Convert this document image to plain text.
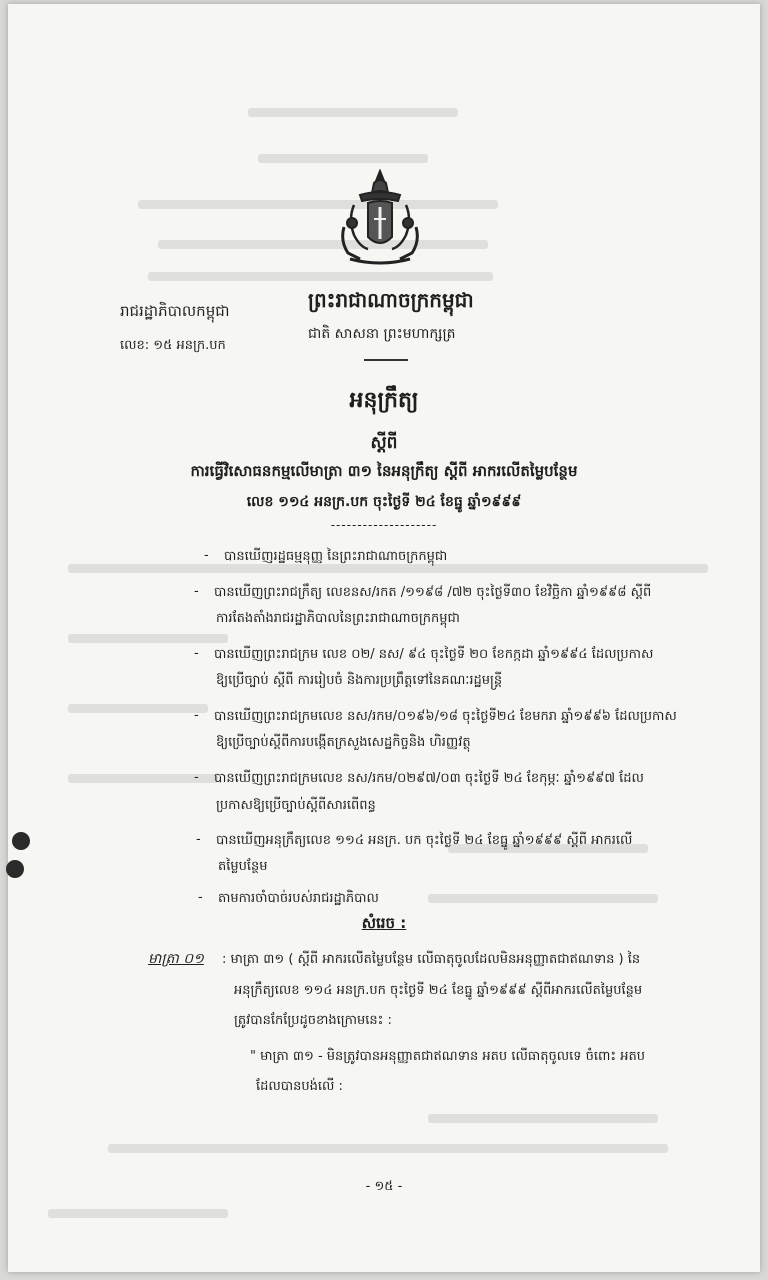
ព្រះរាជាណាចក្រកម្ពុជា
ជាតិ សាសនា ព្រះមហាក្សត្រ
រាជរដ្ឋាភិបាលកម្ពុជា
លេខ: ១៥ អនក្រ.បក
អនុក្រឹត្យ
ស្ដីពី
ការធ្វើវិសោធនកម្មលើមាត្រា ៣១ នៃអនុក្រឹត្យ ស្ដីពី អាករលើតម្លៃបន្ថែម
លេខ ១១៤ អនក្រ.បក ចុះថ្ងៃទី ២៤ ខែធ្នូ ឆ្នាំ១៩៩៩
--------------------
- បានឃើញរដ្ឋធម្មនុញ្ញ នៃព្រះរាជាណាចក្រកម្ពុជា
- បានឃើញព្រះរាជក្រឹត្យ លេខនស/រកត /១១៩៨ /៧២ ចុះថ្ងៃទី៣០ ខែវិច្ឆិកា ឆ្នាំ១៩៩៨ ស្ដីពី
ការតែងតាំងរាជរដ្ឋាភិបាលនៃព្រះរាជាណាចក្រកម្ពុជា
- បានឃើញព្រះរាជក្រម លេខ ០២/ នស/ ៩៤ ចុះថ្ងៃទី ២០ ខែកក្កដា ឆ្នាំ១៩៩៤ ដែលប្រកាស
ឱ្យប្រើច្បាប់ ស្ដីពី ការរៀបចំ និងការប្រព្រឹត្តទៅនៃគណៈរដ្ឋមន្ត្រី
- បានឃើញព្រះរាជក្រមលេខ នស/រកម/០១៩៦/១៨ ចុះថ្ងៃទី២៤ ខែមករា ឆ្នាំ១៩៩៦ ដែលប្រកាស
ឱ្យប្រើច្បាប់ស្ដីពីការបង្កើតក្រសួងសេដ្ឋកិច្ចនិង ហិរញ្ញវត្ថុ
- បានឃើញព្រះរាជក្រមលេខ នស/រកម/០២៩៧/០៣ ចុះថ្ងៃទី ២៤ ខែកុម្ភៈ ឆ្នាំ១៩៩៧ ដែល
ប្រកាសឱ្យប្រើច្បាប់ស្ដីពីសារពើពន្ធ
- បានឃើញអនុក្រឹត្យលេខ ១១៤ អនក្រ. បក ចុះថ្ងៃទី ២៤ ខែធ្នូ ឆ្នាំ១៩៩៩ ស្ដីពី អាករលើ
តម្លៃបន្ថែម
- តាមការចាំបាច់របស់រាជរដ្ឋាភិបាល
សំរេច :
មាត្រា ០១ : មាត្រា ៣១ ( ស្ដីពី អាករលើតម្លៃបន្ថែម លើធាតុចូលដែលមិនអនុញ្ញាតជាឥណទាន ) នៃ
អនុក្រឹត្យលេខ ១១៤ អនក្រ.បក ចុះថ្ងៃទី ២៤ ខែធ្នូ ឆ្នាំ១៩៩៩ ស្ដីពីអាករលើតម្លៃបន្ថែម
ត្រូវបានកែប្រែដូចខាងក្រោមនេះ :
" មាត្រា ៣១ - មិនត្រូវបានអនុញ្ញាតជាឥណទាន អតប លើធាតុចូលទេ ចំពោះ អតប
ដែលបានបង់លើ :
- ១៥ -
